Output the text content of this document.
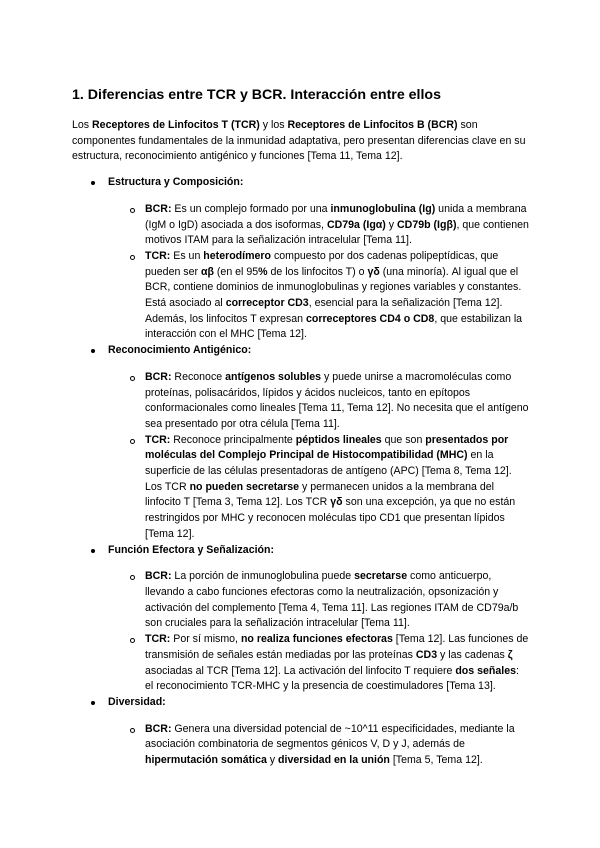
1. Diferencias entre TCR y BCR. Interacción entre ellos

Los Receptores de Linfocitos T (TCR) y los Receptores de Linfocitos B (BCR) son componentes fundamentales de la inmunidad adaptativa, pero presentan diferencias clave en su estructura, reconocimiento antigénico y funciones [Tema 11, Tema 12].

Estructura y Composición:
BCR: Es un complejo formado por una inmunoglobulina (Ig) unida a membrana (IgM o IgD) asociada a dos isoformas, CD79a (Igα) y CD79b (Igβ), que contienen motivos ITAM para la señalización intracelular [Tema 11].
TCR: Es un heterodímero compuesto por dos cadenas polipeptídicas, que pueden ser αβ (en el 95% de los linfocitos T) o γδ (una minoría). Al igual que el BCR, contiene dominios de inmunoglobulinas y regiones variables y constantes. Está asociado al correceptor CD3, esencial para la señalización [Tema 12]. Además, los linfocitos T expresan correceptores CD4 o CD8, que estabilizan la interacción con el MHC [Tema 12].
Reconocimiento Antigénico:
BCR: Reconoce antígenos solubles y puede unirse a macromoléculas como proteínas, polisacáridos, lípidos y ácidos nucleicos, tanto en epítopos conformacionales como lineales [Tema 11, Tema 12]. No necesita que el antígeno sea presentado por otra célula [Tema 11].
TCR: Reconoce principalmente péptidos lineales que son presentados por moléculas del Complejo Principal de Histocompatibilidad (MHC) en la superficie de las células presentadoras de antígeno (APC) [Tema 8, Tema 12]. Los TCR no pueden secretarse y permanecen unidos a la membrana del linfocito T [Tema 3, Tema 12]. Los TCR γδ son una excepción, ya que no están restringidos por MHC y reconocen moléculas tipo CD1 que presentan lípidos [Tema 12].
Función Efectora y Señalización:
BCR: La porción de inmunoglobulina puede secretarse como anticuerpo, llevando a cabo funciones efectoras como la neutralización, opsonización y activación del complemento [Tema 4, Tema 11]. Las regiones ITAM de CD79a/b son cruciales para la señalización intracelular [Tema 11].
TCR: Por sí mismo, no realiza funciones efectoras [Tema 12]. Las funciones de transmisión de señales están mediadas por las proteínas CD3 y las cadenas ζ asociadas al TCR [Tema 12]. La activación del linfocito T requiere dos señales: el reconocimiento TCR-MHC y la presencia de coestimuladores [Tema 13].
Diversidad:
BCR: Genera una diversidad potencial de ~10^11 especificidades, mediante la asociación combinatoria de segmentos génicos V, D y J, además de hipermutación somática y diversidad en la unión [Tema 5, Tema 12].
